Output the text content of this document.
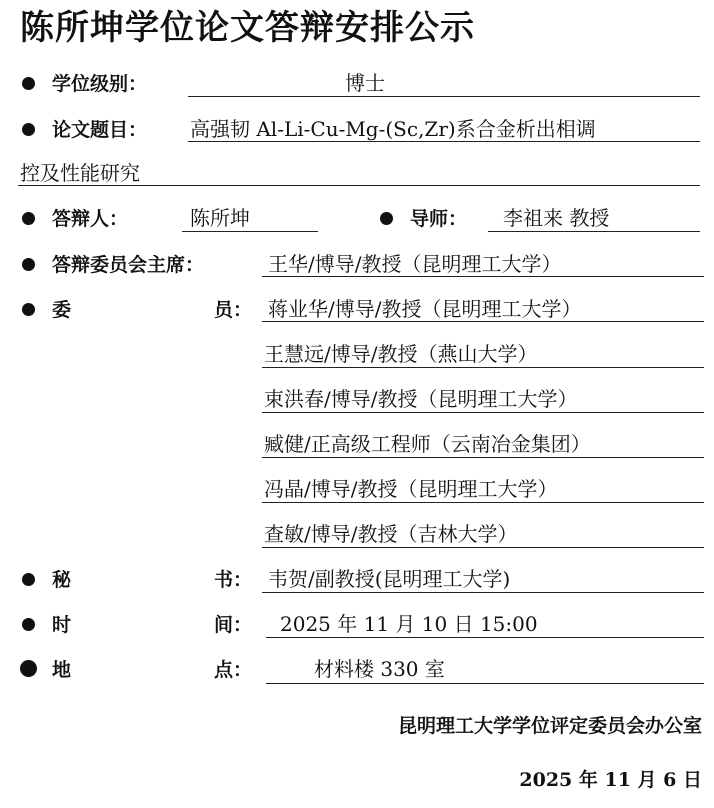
陈所坤学位论文答辩安排公示
学位级别：	博士
论文题目： 高强韧 Al-Li-Cu-Mg-(Sc,Zr)系合金析出相调
控及性能研究
答辩人：	陈所坤	导师： 李祖来 教授
答辩委员会主席：	王华/博导/教授（昆明理工大学）
委	员： 蒋业华/博导/教授（昆明理工大学）
王慧远/博导/教授（燕山大学）
束洪春/博导/教授（昆明理工大学）
臧健/正高级工程师（云南冶金集团）
冯晶/博导/教授（昆明理工大学）
查敏/博导/教授（吉林大学）
秘	书： 韦贺/副教授(昆明理工大学)
时	间： 2025 年 11 月 10 日 15:00
地	点：	材料楼 330 室
昆明理工大学学位评定委员会办公室
2025 年 11 月 6 日
